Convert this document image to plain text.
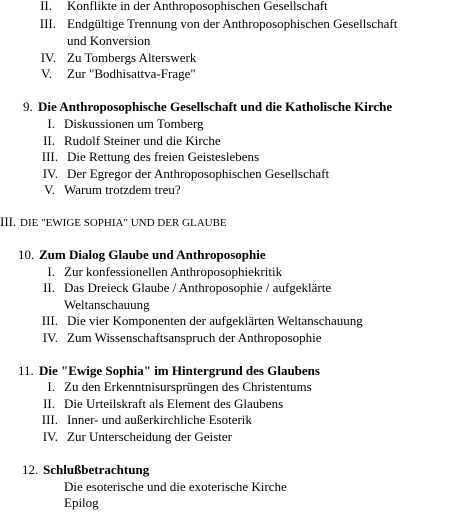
II. Konflikte in der Anthroposophischen Gesellschaft
III. Endgültige Trennung von der Anthroposophischen Gesellschaft
und Konversion
IV. Zu Tombergs Alterswerk
V. Zur "Bodhisattva-Frage"
9. Die Anthroposophische Gesellschaft und die Katholische Kirche
I. Diskussionen um Tomberg
II. Rudolf Steiner und die Kirche
III. Die Rettung des freien Geisteslebens
IV. Der Egregor der Anthroposophischen Gesellschaft
V. Warum trotzdem treu?
III. DIE "EWIGE SOPHIA" UND DER GLAUBE
10. Zum Dialog Glaube und Anthroposophie
I. Zur konfessionellen Anthroposophiekritik
II. Das Dreieck Glaube / Anthroposophie / aufgeklärte
Weltanschauung
III. Die vier Komponenten der aufgeklärten Weltanschauung
IV. Zum Wissenschaftsanspruch der Anthroposophie
11. Die "Ewige Sophia" im Hintergrund des Glaubens
I. Zu den Erkenntnisursprüngen des Christentums
II. Die Urteilskraft als Element des Glaubens
III. Inner- und außerkirchliche Esoterik
IV. Zur Unterscheidung der Geister
12. Schlußbetrachtung
Die esoterische und die exoterische Kirche
Epilog
